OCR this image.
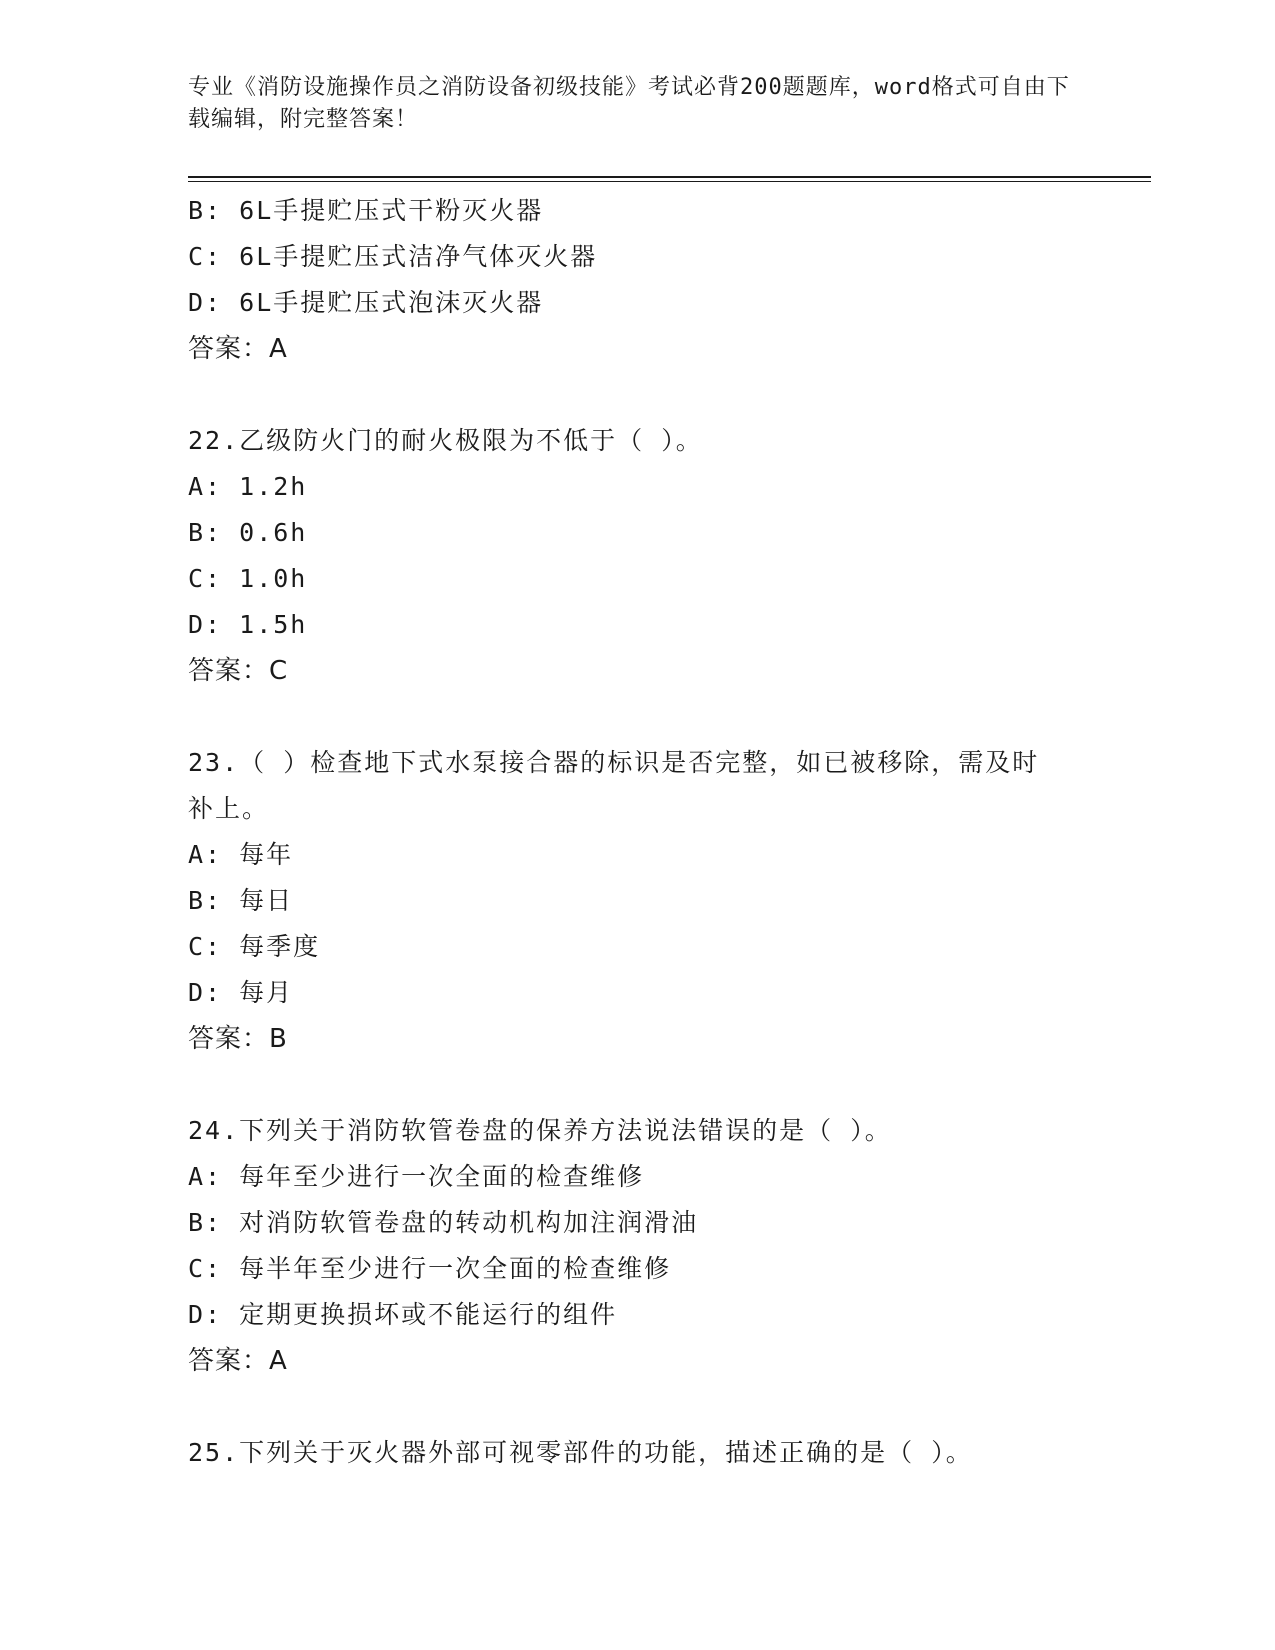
专业《消防设施操作员之消防设备初级技能》考试必背200题题库，word格式可自由下载编辑，附完整答案！
B: 6L手提贮压式干粉灭火器
C: 6L手提贮压式洁净气体灭火器
D: 6L手提贮压式泡沫灭火器
答案：A
22.乙级防火门的耐火极限为不低于（ ）。
A: 1.2h
B: 0.6h
C: 1.0h
D: 1.5h
答案：C
23.（ ）检查地下式水泵接合器的标识是否完整，如已被移除，需及时补上。
A: 每年
B: 每日
C: 每季度
D: 每月
答案：B
24.下列关于消防软管卷盘的保养方法说法错误的是（ ）。
A: 每年至少进行一次全面的检查维修
B: 对消防软管卷盘的转动机构加注润滑油
C: 每半年至少进行一次全面的检查维修
D: 定期更换损坏或不能运行的组件
答案：A
25.下列关于灭火器外部可视零部件的功能，描述正确的是（ ）。
